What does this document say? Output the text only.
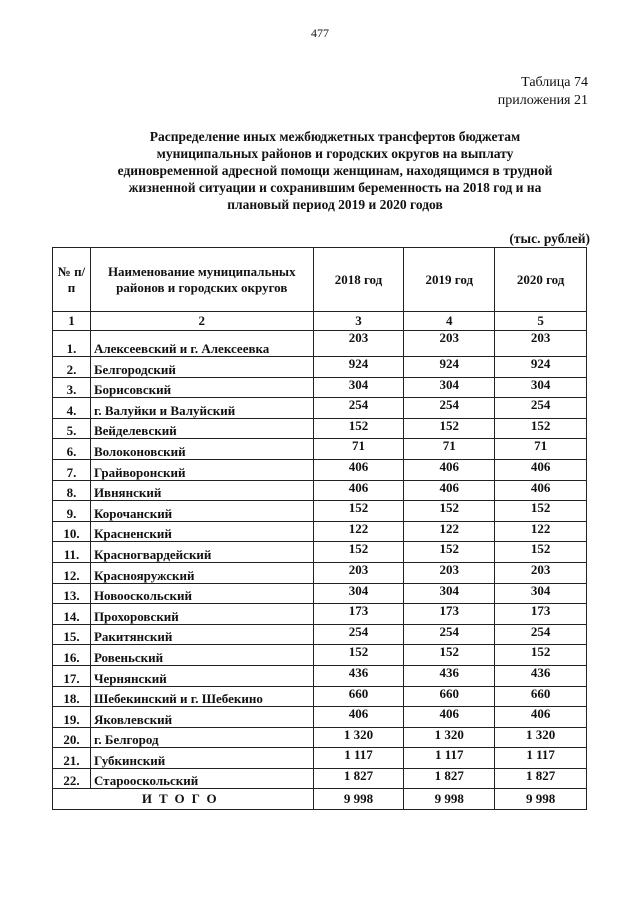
477
Таблица 74
приложения 21
Распределение иных межбюджетных трансфертов бюджетам муниципальных районов и городских округов на выплату единовременной адресной помощи женщинам, находящимся в трудной жизненной ситуации и сохранившим беременность на 2018 год и на плановый период 2019 и 2020 годов
(тыс. рублей)
№ п/п	Наименование муниципальных районов и городских округов	2018 год	2019 год	2020 год
1	2	3	4	5
1.	Алексеевский и г. Алексеевка	203	203	203
2.	Белгородский	924	924	924
3.	Борисовский	304	304	304
4.	г. Валуйки и Валуйский	254	254	254
5.	Вейделевский	152	152	152
6.	Волоконовский	71	71	71
7.	Грайворонский	406	406	406
8.	Ивнянский	406	406	406
9.	Корочанский	152	152	152
10.	Красненский	122	122	122
11.	Красногвардейский	152	152	152
12.	Краснояружский	203	203	203
13.	Новооскольский	304	304	304
14.	Прохоровский	173	173	173
15.	Ракитянский	254	254	254
16.	Ровеньский	152	152	152
17.	Чернянский	436	436	436
18.	Шебекинский и г. Шебекино	660	660	660
19.	Яковлевский	406	406	406
20.	г. Белгород	1 320	1 320	1 320
21.	Губкинский	1 117	1 117	1 117
22.	Старооскольский	1 827	1 827	1 827
ИТОГО		9 998	9 998	9 998
